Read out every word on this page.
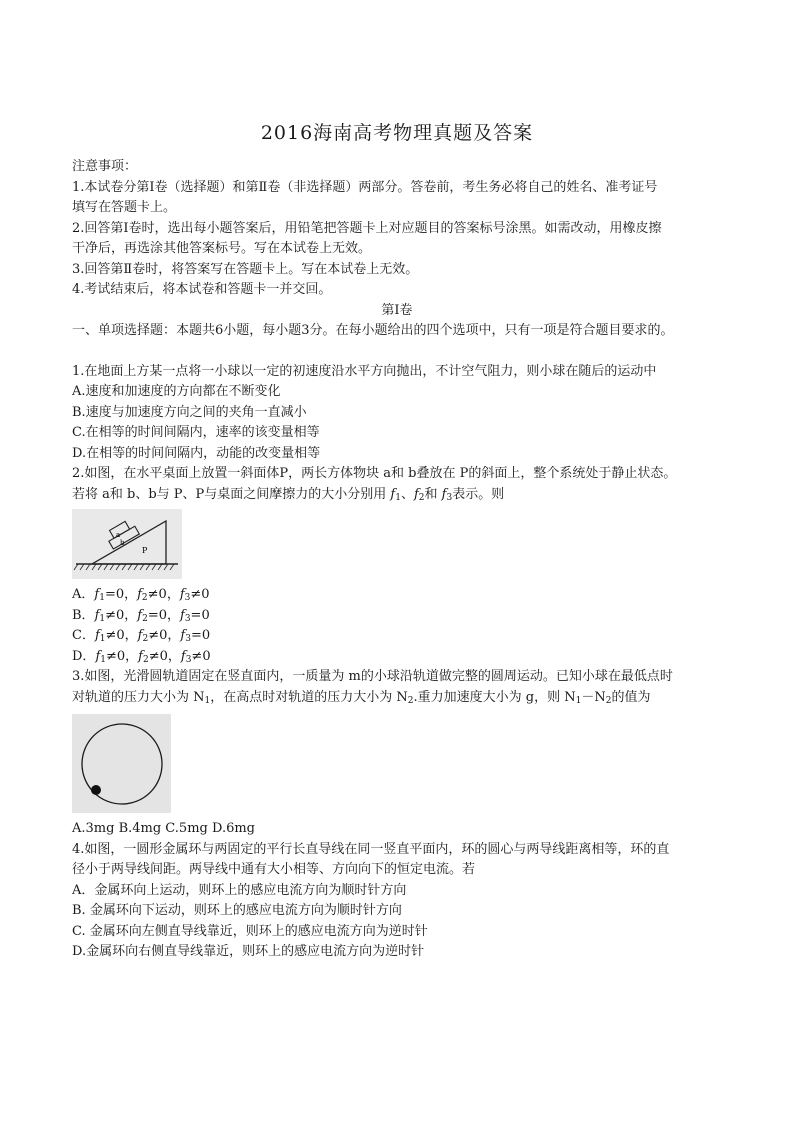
2016海南高考物理真题及答案
注意事项：
1.本试卷分第Ⅰ卷（选择题）和第Ⅱ卷（非选择题）两部分。答卷前，考生务必将自己的姓名、准考证号
填写在答题卡上。
2.回答第Ⅰ卷时，选出每小题答案后，用铅笔把答题卡上对应题目的答案标号涂黑。如需改动，用橡皮擦
干净后，再选涂其他答案标号。写在本试卷上无效。
3.回答第Ⅱ卷时，将答案写在答题卡上。写在本试卷上无效。
4.考试结束后，将本试卷和答题卡一并交回。
第Ⅰ卷
一、单项选择题：本题共6小题，每小题3分。在每小题给出的四个选项中，只有一项是符合题目要求的。
1.在地面上方某一点将一小球以一定的初速度沿水平方向抛出，不计空气阻力，则小球在随后的运动中
A.速度和加速度的方向都在不断变化
B.速度与加速度方向之间的夹角一直减小
C.在相等的时间间隔内，速率的该变量相等
D.在相等的时间间隔内，动能的改变量相等
2.如图，在水平桌面上放置一斜面体P，两长方体物块 a和 b叠放在 P的斜面上，整个系统处于静止状态。
若将 a和 b、b与 P、P与桌面之间摩擦力的大小分别用 $f_1$、$f_2$和 $f_3$表示。则
a
b
P
A．$f_1=0$，$f_2\ne 0$，$f_3\ne 0$
B．$f_1\ne 0$，$f_2=0$，$f_3=0$
C．$f_1\ne 0$，$f_2\ne 0$，$f_3=0$
D．$f_1\ne 0$，$f_2\ne 0$，$f_3\ne 0$
3.如图，光滑圆轨道固定在竖直面内，一质量为 m的小球沿轨道做完整的圆周运动。已知小球在最低点时
对轨道的压力大小为 $N_1$，在高点时对轨道的压力大小为 $N_2$.重力加速度大小为 g，则 $N_1-N_2$的值为
A.3mg B.4mg C.5mg D.6mg
4.如图，一圆形金属环与两固定的平行长直导线在同一竖直平面内，环的圆心与两导线距离相等，环的直
径小于两导线间距。两导线中通有大小相等、方向向下的恒定电流。若
A．金属环向上运动，则环上的感应电流方向为顺时针方向
B. 金属环向下运动，则环上的感应电流方向为顺时针方向
C. 金属环向左侧直导线靠近，则环上的感应电流方向为逆时针
D.金属环向右侧直导线靠近，则环上的感应电流方向为逆时针
